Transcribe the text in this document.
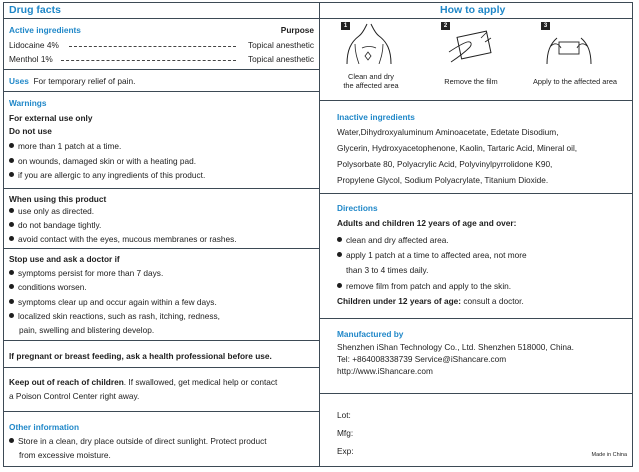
Drug facts
Active ingredients	Purpose
Lidocaine 4%	Topical anesthetic
Menthol 1%	Topical anesthetic
Uses For temporary relief of pain.
Warnings
For external use only
Do not use
more than 1 patch at a time.
on wounds, damaged skin or with a heating pad.
if you are allergic to any ingredients of this product.
When using this product
use only as directed.
do not bandage tightly.
avoid contact with the eyes, mucous membranes or rashes.
Stop use and ask a doctor if
symptoms persist for more than 7 days.
conditions worsen.
symptoms clear up and occur again within a few days.
localized skin reactions, such as rash, itching, redness,
pain, swelling and blistering develop.
If pregnant or breast feeding, ask a health professional before use.
Keep out of reach of children. If swallowed, get medical help or contact
a Poison Control Center right away.
Other information
Store in a clean, dry place outside of direct sunlight. Protect product
from excessive moisture.
How to apply
1
Clean and dry
the affected area
2
Remove the film
3
Apply to the affected area
Inactive ingredients
Water,Dihydroxyaluminum Aminoacetate, Edetate Disodium,
Glycerin, Hydroxyacetophenone, Kaolin, Tartaric Acid, Mineral oil,
Polysorbate 80, Polyacrylic Acid, Polyvinylpyrrolidone K90,
Propylene Glycol, Sodium Polyacrylate, Titanium Dioxide.
Directions
Adults and children 12 years of age and over:
clean and dry affected area.
apply 1 patch at a time to affected area, not more
than 3 to 4 times daily.
remove film from patch and apply to the skin.
Children under 12 years of age: consult a doctor.
Manufactured by
Shenzhen iShan Technology Co., Ltd. Shenzhen 518000, China.
Tel: +864008338739 Service@iShancare.com
http://www.iShancare.com
Lot:
Mfg:
Exp:	Made in China
